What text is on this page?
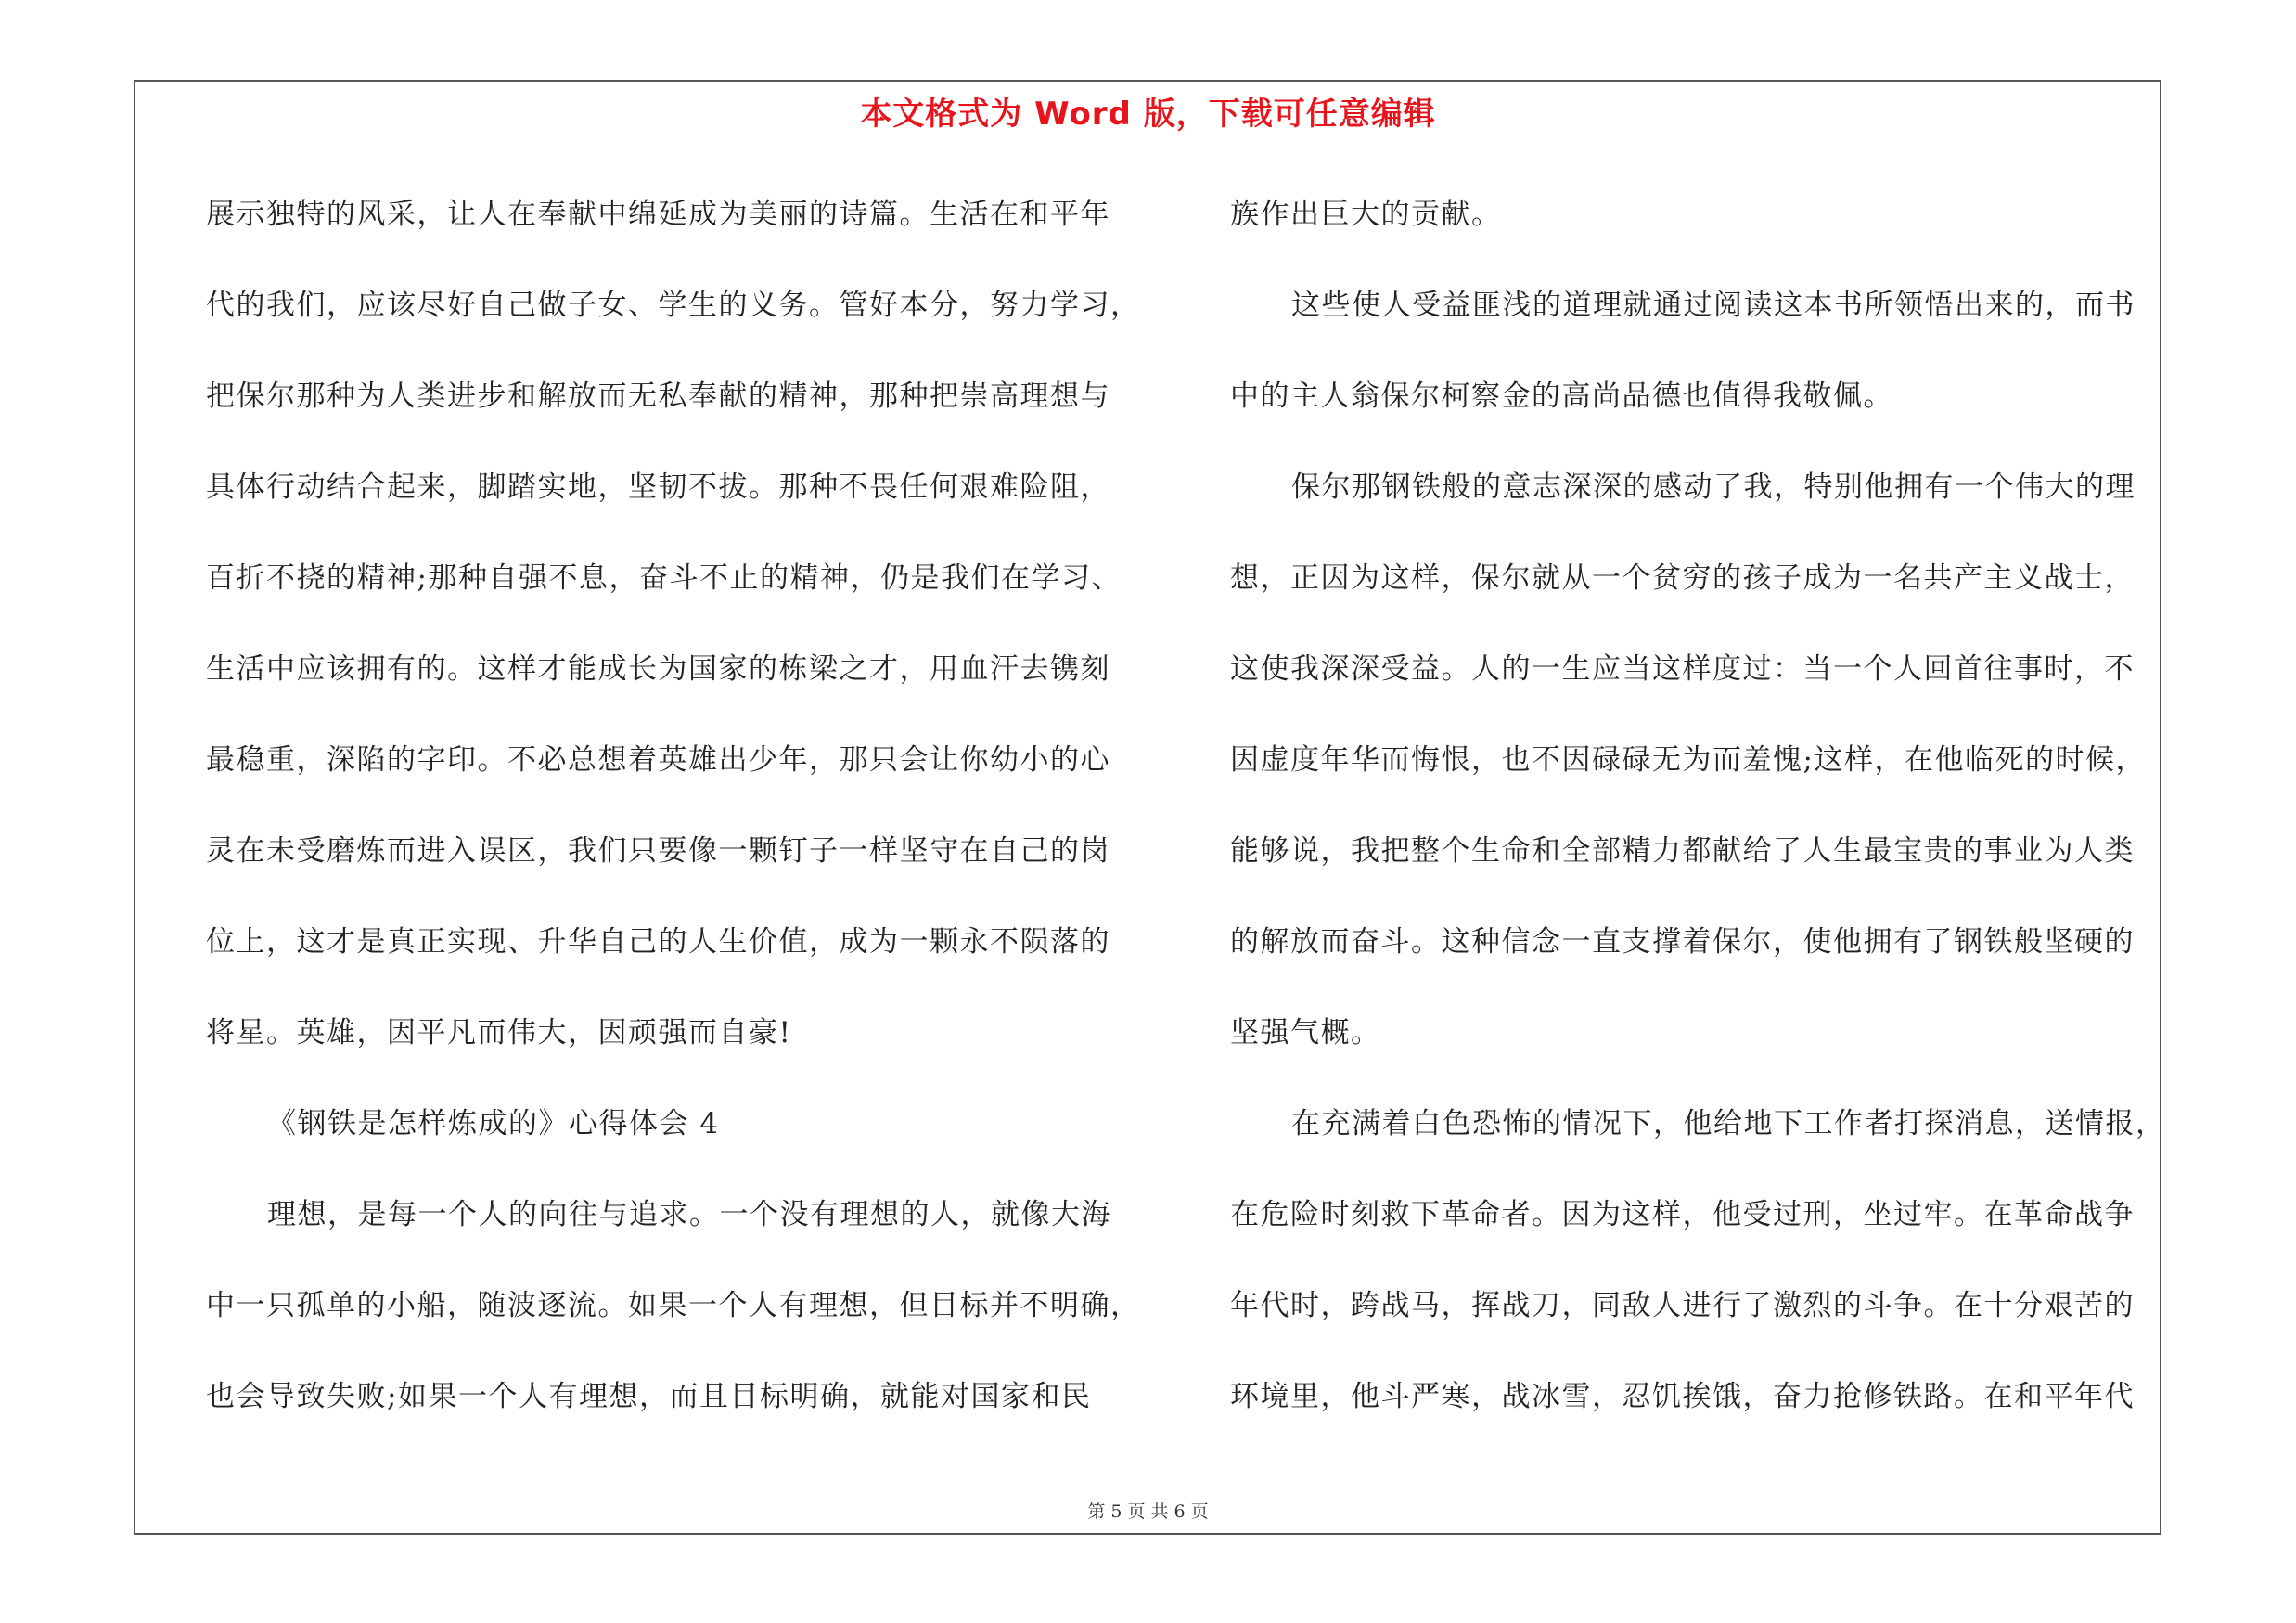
本文格式为 Word 版，下载可任意编辑
展示独特的风采，让人在奉献中绵延成为美丽的诗篇。生活在和平年
代的我们，应该尽好自己做子女、学生的义务。管好本分，努力学习，
把保尔那种为人类进步和解放而无私奉献的精神，那种把崇高理想与
具体行动结合起来，脚踏实地，坚韧不拔。那种不畏任何艰难险阻，
百折不挠的精神;那种自强不息，奋斗不止的精神，仍是我们在学习、
生活中应该拥有的。这样才能成长为国家的栋梁之才，用血汗去镌刻
最稳重，深陷的字印。不必总想着英雄出少年，那只会让你幼小的心
灵在未受磨炼而进入误区，我们只要像一颗钉子一样坚守在自己的岗
位上，这才是真正实现、升华自己的人生价值，成为一颗永不陨落的
将星。英雄，因平凡而伟大，因顽强而自豪!
《钢铁是怎样炼成的》心得体会 4
理想，是每一个人的向往与追求。一个没有理想的人，就像大海
中一只孤单的小船，随波逐流。如果一个人有理想，但目标并不明确，
也会导致失败;如果一个人有理想，而且目标明确，就能对国家和民
族作出巨大的贡献。
这些使人受益匪浅的道理就通过阅读这本书所领悟出来的，而书
中的主人翁保尔柯察金的高尚品德也值得我敬佩。
保尔那钢铁般的意志深深的感动了我，特别他拥有一个伟大的理
想，正因为这样，保尔就从一个贫穷的孩子成为一名共产主义战士，
这使我深深受益。人的一生应当这样度过：当一个人回首往事时，不
因虚度年华而悔恨，也不因碌碌无为而羞愧;这样，在他临死的时候，
能够说，我把整个生命和全部精力都献给了人生最宝贵的事业为人类
的解放而奋斗。这种信念一直支撑着保尔，使他拥有了钢铁般坚硬的
坚强气概。
在充满着白色恐怖的情况下，他给地下工作者打探消息，送情报，
在危险时刻救下革命者。因为这样，他受过刑，坐过牢。在革命战争
年代时，跨战马，挥战刀，同敌人进行了激烈的斗争。在十分艰苦的
环境里，他斗严寒，战冰雪，忍饥挨饿，奋力抢修铁路。在和平年代
第 5 页 共 6 页
